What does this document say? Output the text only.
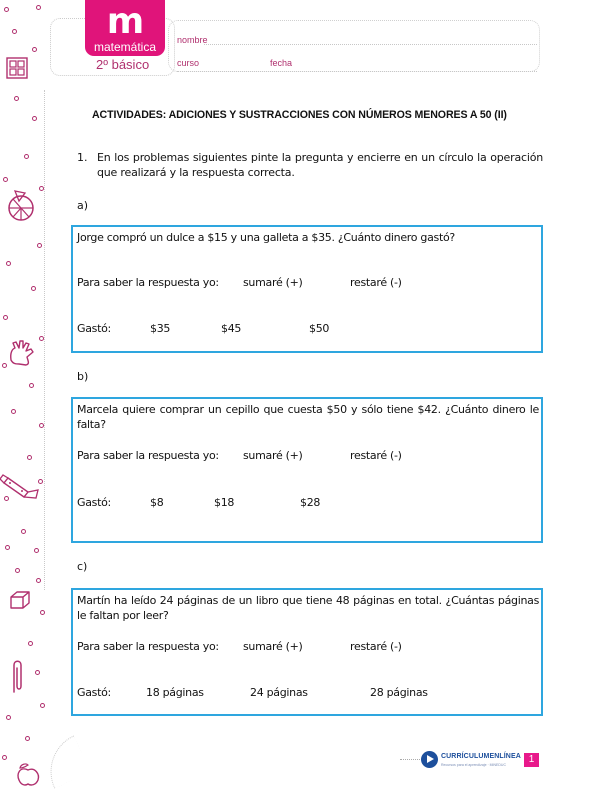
m
matemática
2º básico
nombre
curso	fecha
ACTIVIDADES: ADICIONES Y SUSTRACCIONES CON NÚMEROS MENORES A 50 (II)
1. En los problemas siguientes pinte la pregunta y encierre en un círculo la operación que realizará y la respuesta correcta.
a)
Jorge compró un dulce a $15 y una galleta a $35. ¿Cuánto dinero gastó?
Para saber la respuesta yo: sumaré (+)	restaré (-)
Gastó:	$35	$45	$50
b)
Marcela quiere comprar un cepillo que cuesta $50 y sólo tiene $42. ¿Cuánto dinero le falta?
Para saber la respuesta yo: sumaré (+)	restaré (-)
Gastó:	$8	$18	$28
c)
Martín ha leído 24 páginas de un libro que tiene 48 páginas en total. ¿Cuántas páginas le faltan por leer?
Para saber la respuesta yo: sumaré (+)	restaré (-)
Gastó:	18 páginas	24 páginas	28 páginas
CURRÍCULUMENLÍNEA
Recursos para el aprendizaje · MINEDUC	1
